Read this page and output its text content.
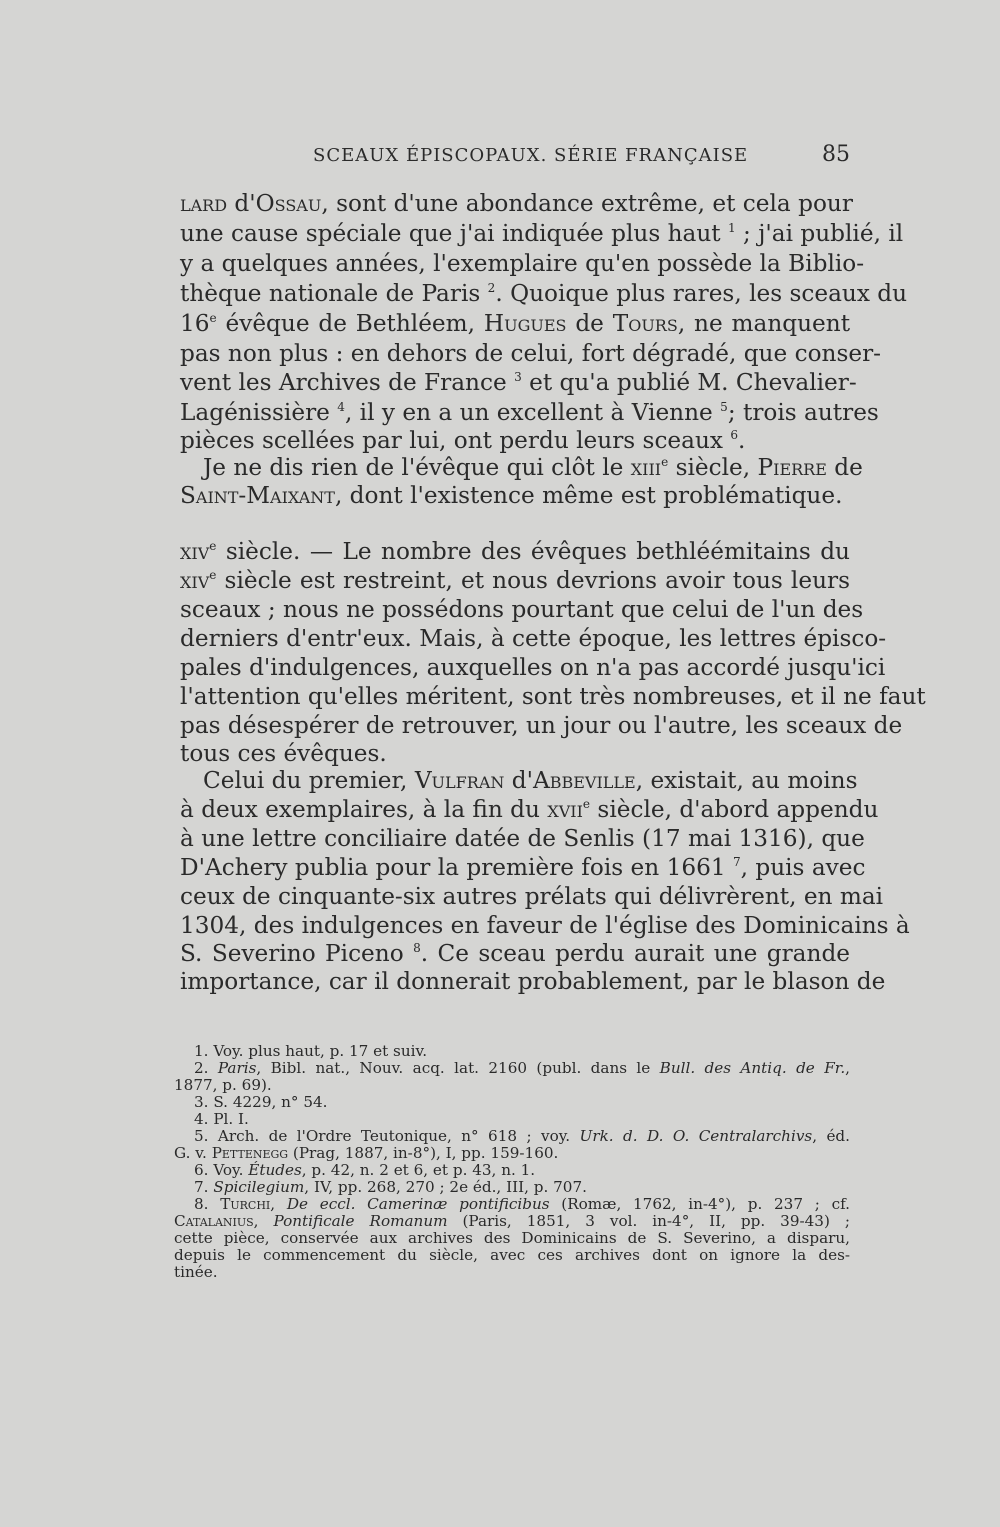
SCEAUX ÉPISCOPAUX. SÉRIE FRANÇAISE	85
lard d'Ossau, sont d'une abondance extrême, et cela pour
une cause spéciale que j'ai indiquée plus haut $^1$ ; j'ai publié, il
y a quelques années, l'exemplaire qu'en possède la Biblio-
thèque nationale de Paris $^2$. Quoique plus rares, les sceaux du
16e évêque de Bethléem, Hugues de Tours, ne manquent
pas non plus : en dehors de celui, fort dégradé, que conser-
vent les Archives de France $^3$ et qu'a publié M. Chevalier-
Lagénissière $^4$, il y en a un excellent à Vienne $^5$; trois autres
pièces scellées par lui, ont perdu leurs sceaux $^6$.
Je ne dis rien de l'évêque qui clôt le xiii$^e$ siècle, Pierre de
Saint-Maixant, dont l'existence même est problématique.
xiv$^e$ siècle. — Le nombre des évêques bethléémitains du
xiv$^e$ siècle est restreint, et nous devrions avoir tous leurs
sceaux ; nous ne possédons pourtant que celui de l'un des
derniers d'entr'eux. Mais, à cette époque, les lettres épisco-
pales d'indulgences, auxquelles on n'a pas accordé jusqu'ici
l'attention qu'elles méritent, sont très nombreuses, et il ne faut
pas désespérer de retrouver, un jour ou l'autre, les sceaux de
tous ces évêques.
Celui du premier, Vulfran d'Abbeville, existait, au moins
à deux exemplaires, à la fin du xvii$^e$ siècle, d'abord appendu
à une lettre conciliaire datée de Senlis (17 mai 1316), que
D'Achery publia pour la première fois en 1661 $^7$, puis avec
ceux de cinquante-six autres prélats qui délivrèrent, en mai
1304, des indulgences en faveur de l'église des Dominicains à
S. Severino Piceno $^8$. Ce sceau perdu aurait une grande
importance, car il donnerait probablement, par le blason de
1. Voy. plus haut, p. 17 et suiv.
2. Paris, Bibl. nat., Nouv. acq. lat. 2160 (publ. dans le Bull. des Antiq. de Fr.,
1877, p. 69).
3. S. 4229, n° 54.
4. Pl. I.
5. Arch. de l'Ordre Teutonique, n° 618 ; voy. Urk. d. D. O. Centralarchivs, éd.
G. v. Pettenegg (Prag, 1887, in-8°), I, pp. 159-160.
6. Voy. Études, p. 42, n. 2 et 6, et p. 43, n. 1.
7. Spicilegium, IV, pp. 268, 270 ; 2e éd., III, p. 707.
8. Turchi, De eccl. Camerinæ pontificibus (Romæ, 1762, in-4°), p. 237 ; cf.
Catalanius, Pontificale Romanum (Paris, 1851, 3 vol. in-4°, II, pp. 39-43) ;
cette pièce, conservée aux archives des Dominicains de S. Severino, a disparu,
depuis le commencement du siècle, avec ces archives dont on ignore la des-
tinée.
